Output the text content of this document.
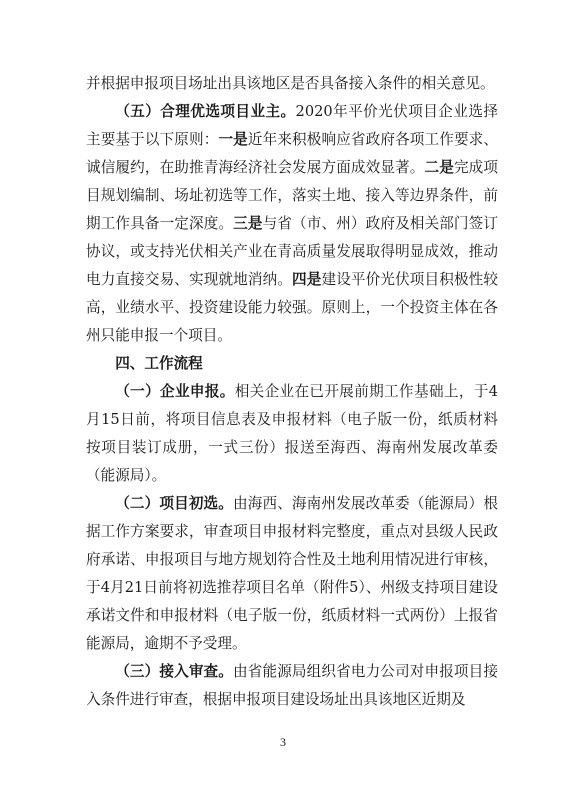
并根据申报项目场址出具该地区是否具备接入条件的相关意见。

（五）合理优选项目业主。2020年平价光伏项目企业选择主要基于以下原则：一是近年来积极响应省政府各项工作要求、诚信履约，在助推青海经济社会发展方面成效显著。二是完成项目规划编制、场址初选等工作，落实土地、接入等边界条件，前期工作具备一定深度。三是与省（市、州）政府及相关部门签订协议，或支持光伏相关产业在青高质量发展取得明显成效，推动电力直接交易、实现就地消纳。四是建设平价光伏项目积极性较高，业绩水平、投资建设能力较强。原则上，一个投资主体在各州只能申报一个项目。

四、工作流程

（一）企业申报。相关企业在已开展前期工作基础上，于4月15日前，将项目信息表及申报材料（电子版一份，纸质材料按项目装订成册，一式三份）报送至海西、海南州发展改革委（能源局）。

（二）项目初选。由海西、海南州发展改革委（能源局）根据工作方案要求，审查项目申报材料完整度，重点对县级人民政府承诺、申报项目与地方规划符合性及土地利用情况进行审核，于4月21日前将初选推荐项目名单（附件5）、州级支持项目建设承诺文件和申报材料（电子版一份，纸质材料一式两份）上报省能源局，逾期不予受理。

（三）接入审查。由省能源局组织省电力公司对申报项目接入条件进行审查，根据申报项目建设场址出具该地区近期及

3
